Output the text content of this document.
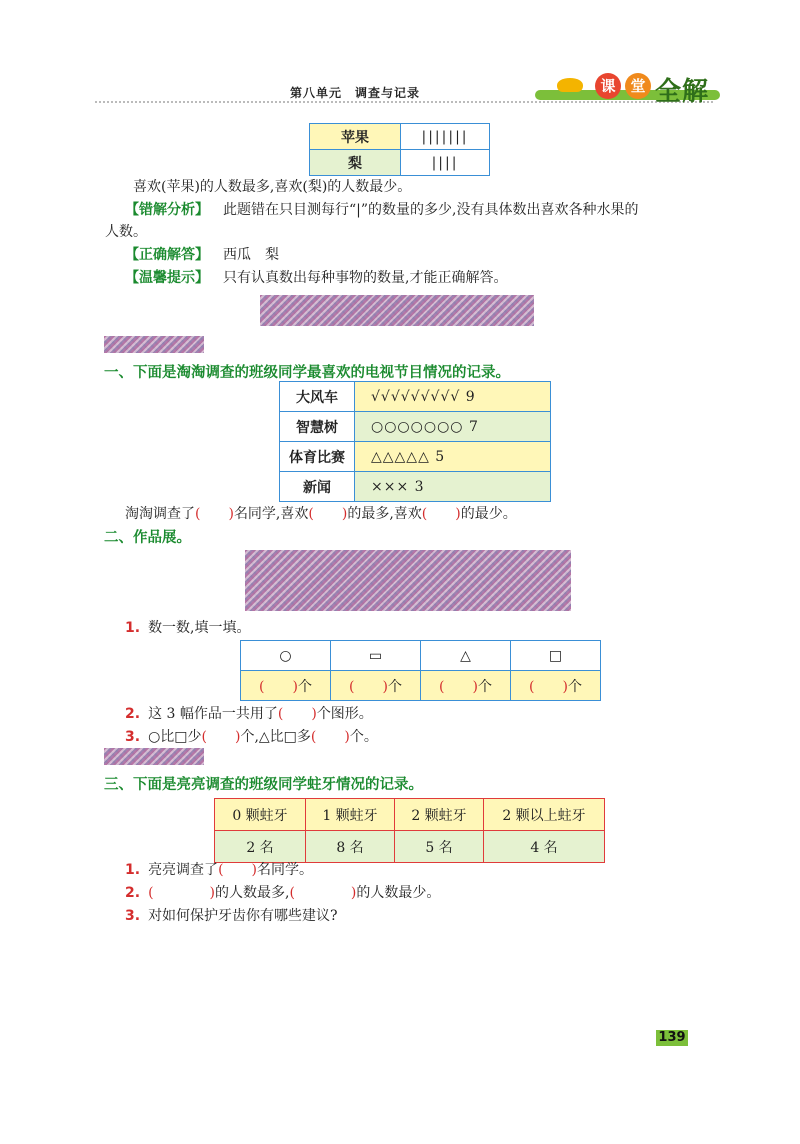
第八单元　调查与记录	课 堂 全解
苹果	|||||||
梨	||||
喜欢(苹果)的人数最多,喜欢(梨)的人数最少。
【错解分析】 此题错在只目测每行“|”的数量的多少,没有具体数出喜欢各种水果的
人数。
【正确解答】 西瓜　梨
【温馨提示】 只有认真数出每种事物的数量,才能正确解答。
一、下面是淘淘调查的班级同学最喜欢的电视节目情况的记录。
大风车	√√√√√√√√√ 9
智慧树	○○○○○○○ 7
体育比赛	△△△△△ 5
新闻	××× 3
淘淘调查了(　　)名同学,喜欢(　　)的最多,喜欢(　　)的最少。
二、作品展。
1. 数一数,填一填。
○	▭	△	□
(　　)个	(　　)个	(　　)个	(　　)个
2. 这 3 幅作品一共用了(　　)个图形。
3. ○比□少(　　)个,△比□多(　　)个。
三、下面是亮亮调查的班级同学蛀牙情况的记录。
0 颗蛀牙	1 颗蛀牙	2 颗蛀牙	2 颗以上蛀牙
2 名	8 名	5 名	4 名
1. 亮亮调查了(　　)名同学。
2. (　　　　)的人数最多,(　　　　)的人数最少。
3. 对如何保护牙齿你有哪些建议?
139
